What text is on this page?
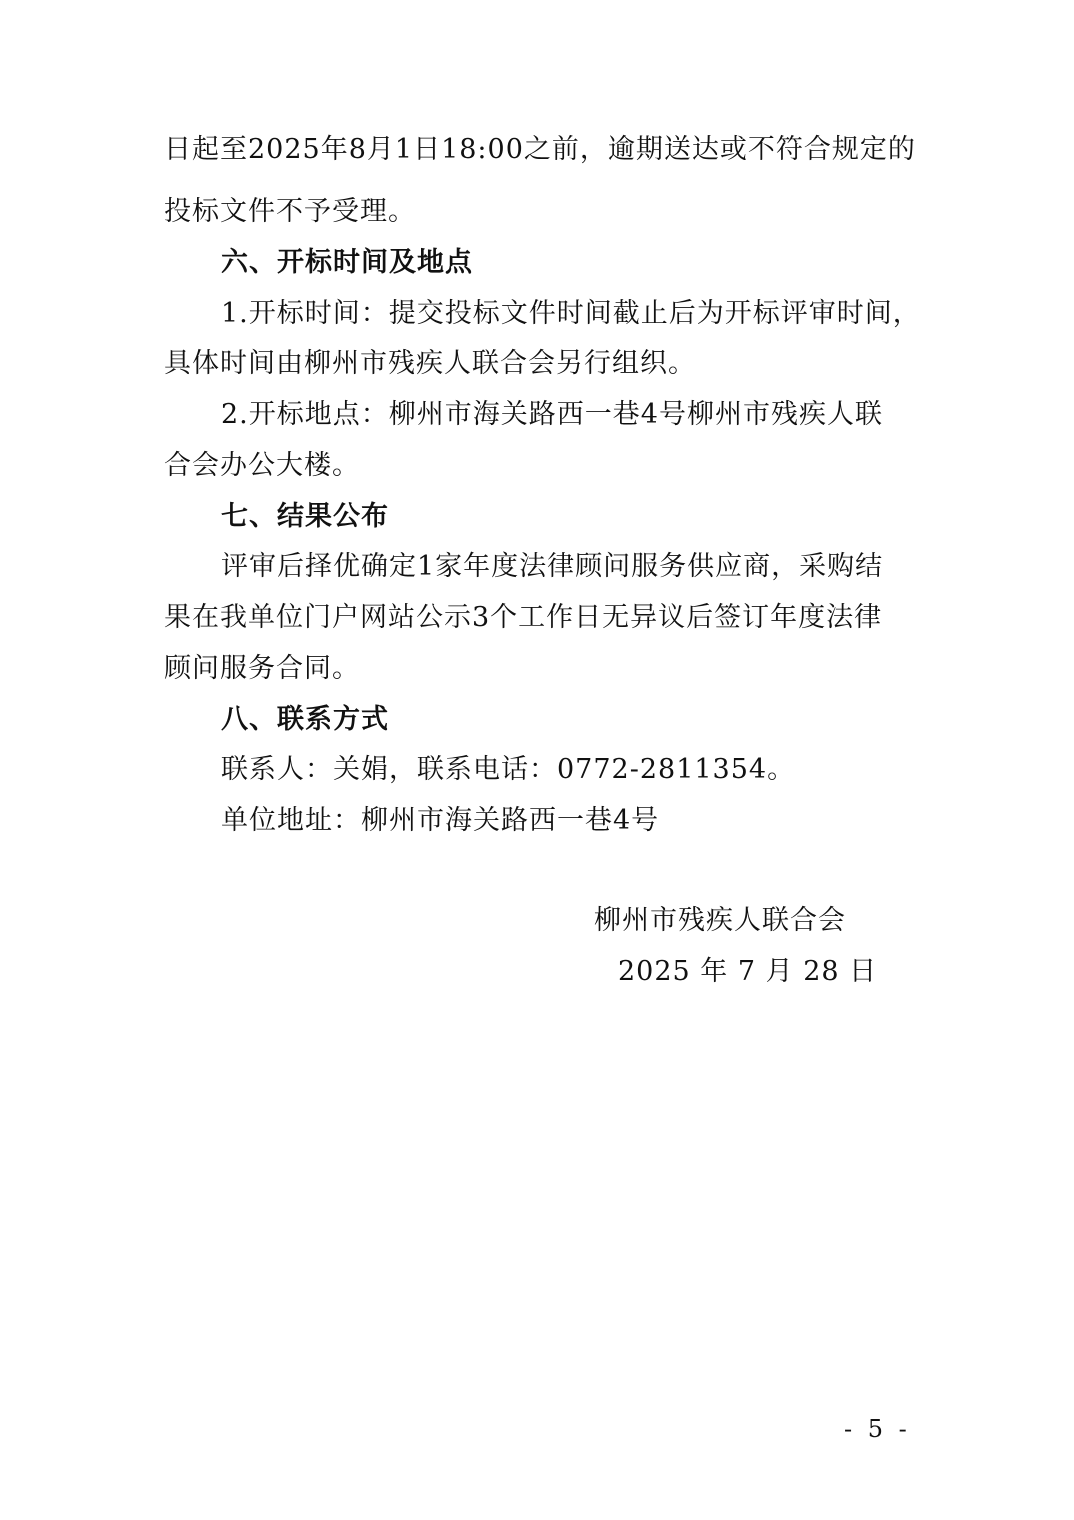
日起至2025年8月1日18:00之前，逾期送达或不符合规定的
投标文件不予受理。
六、开标时间及地点
1.开标时间：提交投标文件时间截止后为开标评审时间，
具体时间由柳州市残疾人联合会另行组织。
2.开标地点：柳州市海关路西一巷4号柳州市残疾人联
合会办公大楼。
七、结果公布
评审后择优确定1家年度法律顾问服务供应商，采购结
果在我单位门户网站公示3个工作日无异议后签订年度法律
顾问服务合同。
八、联系方式
联系人：关娟，联系电话：0772-2811354。
单位地址：柳州市海关路西一巷4号
柳州市残疾人联合会
2025 年 7 月 28 日
- 5 -
